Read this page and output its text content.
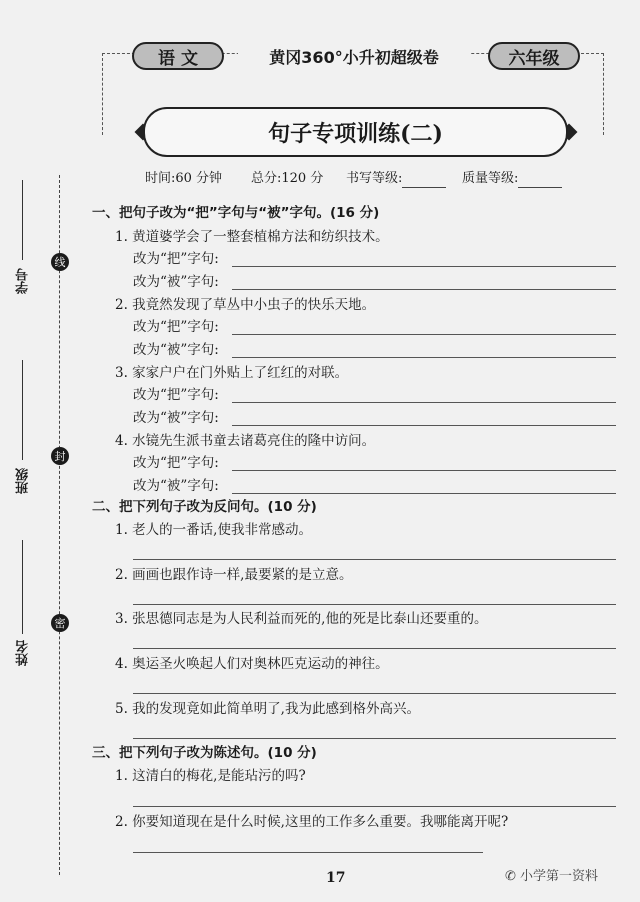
语 文	黄冈360°小升初超级卷	六年级
句子专项训练(二)
时间:60 分钟 总分:120 分 书写等级:	质量等级:
线
封
密
学号
班级
姓名
一、把句子改为“把”字句与“被”字句。(16 分)
1. 黄道婆学会了一整套植棉方法和纺织技术。
改为“把”字句:
改为“被”字句:
2. 我竟然发现了草丛中小虫子的快乐天地。
改为“把”字句:
改为“被”字句:
3. 家家户户在门外贴上了红红的对联。
改为“把”字句:
改为“被”字句:
4. 水镜先生派书童去诸葛亮住的隆中访问。
改为“把”字句:
改为“被”字句:
二、把下列句子改为反问句。(10 分)
1. 老人的一番话,使我非常感动。
2. 画画也跟作诗一样,最要紧的是立意。
3. 张思德同志是为人民利益而死的,他的死是比泰山还要重的。
4. 奥运圣火唤起人们对奥林匹克运动的神往。
5. 我的发现竟如此简单明了,我为此感到格外高兴。
三、把下列句子改为陈述句。(10 分)
1. 这清白的梅花,是能玷污的吗?
2. 你要知道现在是什么时候,这里的工作多么重要。我哪能离开呢?
17	✆ 小学第一资料
